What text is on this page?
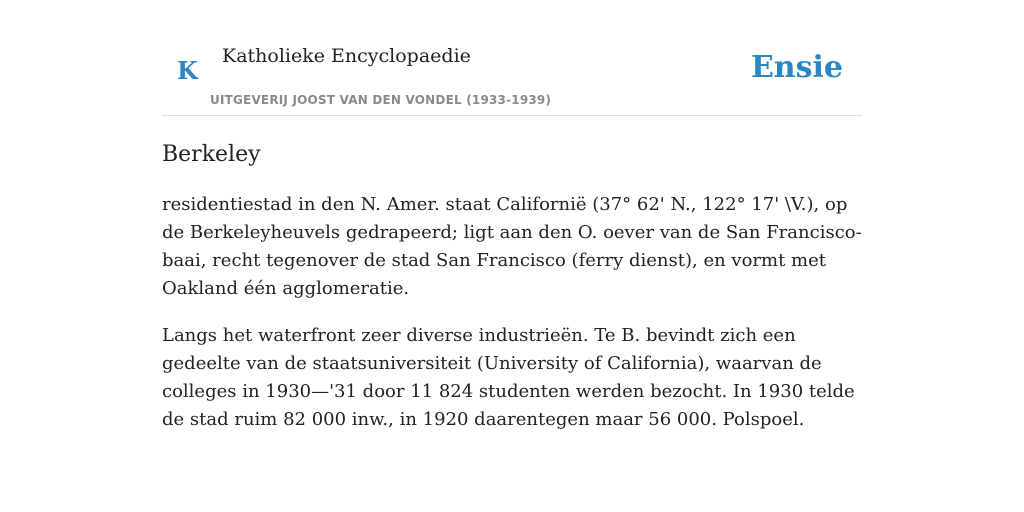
K Katholieke Encyclopaedie
UITGEVERIJ JOOST VAN DEN VONDEL (1933-1939)
Ensie
Berkeley

residentiestad in den N. Amer. staat Californië (37° 62' N., 122° 17' \V.), op de Berkeleyheuvels gedrapeerd; ligt aan den O. oever van de San Francisco-baai, recht tegenover de stad San Francisco (ferry dienst), en vormt met Oakland één agglomeratie.

Langs het waterfront zeer diverse industrieën. Te B. bevindt zich een gedeelte van de staatsuniversiteit (University of California), waarvan de colleges in 1930—'31 door 11 824 studenten werden bezocht. In 1930 telde de stad ruim 82 000 inw., in 1920 daarentegen maar 56 000. Polspoel.
